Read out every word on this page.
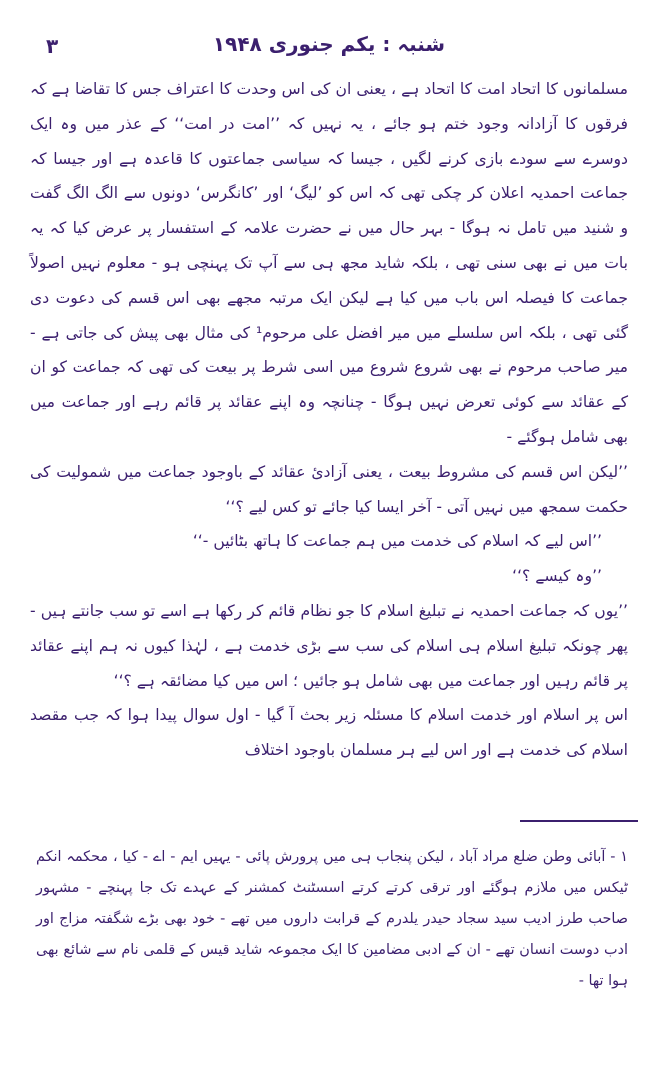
۳	شنبہ : یکم جنوری ۱۹۴۸

مسلمانوں کا اتحاد امت کا اتحاد ہے ، یعنی ان کی اس وحدت کا اعتراف جس کا تقاضا ہے کہ فرقوں کا آزادانہ وجود ختم ہو جائے ، یہ نہیں کہ ’’امت در امت‘‘ کے عذر میں وہ ایک دوسرے سے سودے بازی کرنے لگیں ، جیسا کہ سیاسی جماعتوں کا قاعدہ ہے اور جیسا کہ جماعت احمدیہ اعلان کر چکی تھی کہ اس کو ’لیگ‘ اور ’کانگرس‘ دونوں سے الگ الگ گفت و شنید میں تامل نہ ہوگا - بہر حال میں نے حضرت علامہ کے استفسار پر عرض کیا کہ یہ بات میں نے بھی سنی تھی ، بلکہ شاید مجھ ہی سے آپ تک پہنچی ہو - معلوم نہیں اصولاً جماعت کا فیصلہ اس باب میں کیا ہے لیکن ایک مرتبہ مجھے بھی اس قسم کی دعوت دی گئی تھی ، بلکہ اس سلسلے میں میر افضل علی مرحوم¹ کی مثال بھی پیش کی جاتی ہے - میر صاحب مرحوم نے بھی شروع شروع میں اسی شرط پر بیعت کی تھی کہ جماعت کو ان کے عقائد سے کوئی تعرض نہیں ہوگا - چنانچہ وہ اپنے عقائد پر قائم رہے اور جماعت میں بھی شامل ہوگئے -

’’لیکن اس قسم کی مشروط بیعت ، یعنی آزادیٔ عقائد کے باوجود جماعت میں شمولیت کی حکمت سمجھ میں نہیں آتی - آخر ایسا کیا جائے تو کس لیے ؟‘‘

’’اس لیے کہ اسلام کی خدمت میں ہم جماعت کا ہاتھ بٹائیں -‘‘

’’وہ کیسے ؟‘‘

’’یوں کہ جماعت احمدیہ نے تبلیغ اسلام کا جو نظام قائم کر رکھا ہے اسے تو سب جانتے ہیں - پھر چونکہ تبلیغ اسلام ہی اسلام کی سب سے بڑی خدمت ہے ، لہٰذا کیوں نہ ہم اپنے عقائد پر قائم رہیں اور جماعت میں بھی شامل ہو جائیں ؛ اس میں کیا مضائقہ ہے ؟‘‘

اس پر اسلام اور خدمت اسلام کا مسئلہ زیر بحث آ گیا - اول سوال پیدا ہوا کہ جب مقصد اسلام کی خدمت ہے اور اس لیے ہر مسلمان باوجود اختلاف

۱ - آبائی وطن ضلع مراد آباد ، لیکن پنجاب ہی میں پرورش پائی - یہیں ایم - اے - کیا ، محکمہ انکم ٹیکس میں ملازم ہوگئے اور ترقی کرتے کرتے اسسٹنٹ کمشنر کے عہدے تک جا پہنچے - مشہور صاحب طرز ادیب سید سجاد حیدر یلدرم کے قرابت داروں میں تھے - خود بھی بڑے شگفتہ مزاج اور ادب دوست انسان تھے - ان کے ادبی مضامین کا ایک مجموعہ شاید قیس کے قلمی نام سے شائع بھی ہوا تھا -
